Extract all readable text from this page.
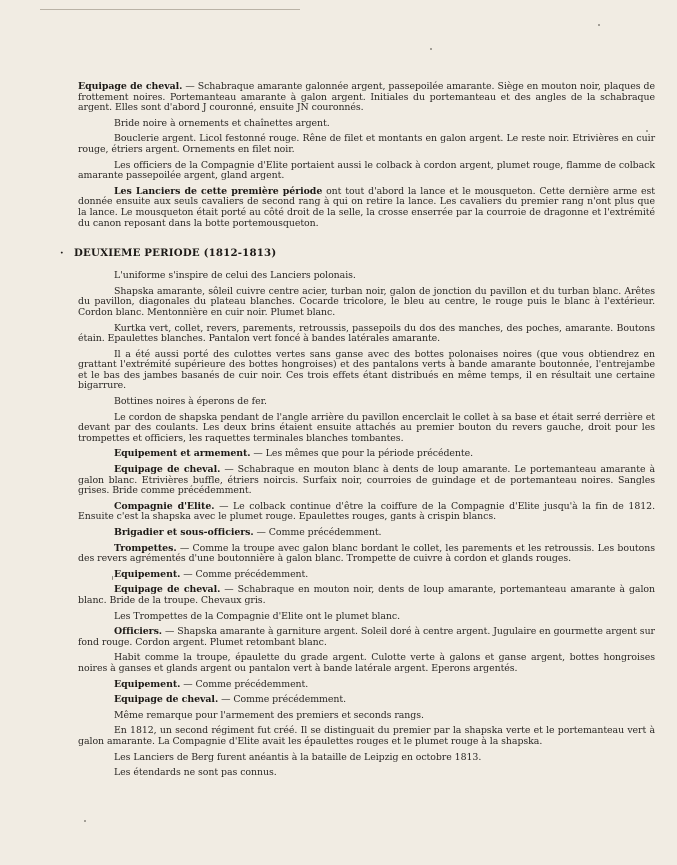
Equipage de cheval. — Schabraque amarante galonnée argent, passepoilée amarante. Siège en mouton noir, plaques de frottement noires. Portemanteau amarante à galon argent. Initiales du portemanteau et des angles de la schabraque argent. Elles sont d'abord J couronné, ensuite JN couronnés.

Bride noire à ornements et chaînettes argent.

Bouclerie argent. Licol festonné rouge. Rêne de filet et montants en galon argent. Le reste noir. Etrivières en cuir rouge, étriers argent. Ornements en filet noir.

Les officiers de la Compagnie d'Elite portaient aussi le colback à cordon argent, plumet rouge, flamme de colback amarante passepoilée argent, gland argent.

Les Lanciers de cette première période ont tout d'abord la lance et le mousqueton. Cette dernière arme est donnée ensuite aux seuls cavaliers de second rang à qui on retire la lance. Les cavaliers du premier rang n'ont plus que la lance. Le mousqueton était porté au côté droit de la selle, la crosse enserrée par la courroie de dragonne et l'extrémité du canon reposant dans la botte portemousqueton.

· DEUXIEME PERIODE (1812-1813)

L'uniforme s'inspire de celui des Lanciers polonais.

Shapska amarante, sôleil cuivre centre acier, turban noir, galon de jonction du pavillon et du turban blanc. Arêtes du pavillon, diagonales du plateau blanches. Cocarde tricolore, le bleu au centre, le rouge puis le blanc à l'extérieur. Cordon blanc. Mentonnière en cuir noir. Plumet blanc.

Kurtka vert, collet, revers, parements, retroussis, passepoils du dos des manches, des poches, amarante. Boutons étain. Epaulettes blanches. Pantalon vert foncé à bandes latérales amarante.

Il a été aussi porté des culottes vertes sans ganse avec des bottes polonaises noires (que vous obtiendrez en grattant l'extrémité supérieure des bottes hongroises) et des pantalons verts à bande amarante boutonnée, l'entrejambe et le bas des jambes basanés de cuir noir. Ces trois effets étant distribués en même temps, il en résultait une certaine bigarrure.

Bottines noires à éperons de fer.

Le cordon de shapska pendant de l'angle arrière du pavillon encerclait le collet à sa base et était serré derrière et devant par des coulants. Les deux brins étaient ensuite attachés au premier bouton du revers gauche, droit pour les trompettes et officiers, les raquettes terminales blanches tombantes.

Equipement et armement. — Les mêmes que pour la période précédente.

Equipage de cheval. — Schabraque en mouton blanc à dents de loup amarante. Le portemanteau amarante à galon blanc. Etrivières buffle, étriers noircis. Surfaix noir, courroies de guindage et de portemanteau noires. Sangles grises. Bride comme précédemment.

Compagnie d'Elite. — Le colback continue d'être la coiffure de la Compagnie d'Elite jusqu'à la fin de 1812. Ensuite c'est la shapska avec le plumet rouge. Epaulettes rouges, gants à crispin blancs.

Brigadier et sous-officiers. — Comme précédemment.

Trompettes. — Comme la troupe avec galon blanc bordant le collet, les parements et les retroussis. Les boutons des revers agrémentés d'une boutonnière à galon blanc. Trompette de cuivre à cordon et glands rouges.

Equipement. — Comme précédemment.

Equipage de cheval. — Schabraque en mouton noir, dents de loup amarante, portemanteau amarante à galon blanc. Bride de la troupe. Chevaux gris.

Les Trompettes de la Compagnie d'Elite ont le plumet blanc.

Officiers. — Shapska amarante à garniture argent. Soleil doré à centre argent. Jugulaire en gourmette argent sur fond rouge. Cordon argent. Plumet retombant blanc.

Habit comme la troupe, épaulette du grade argent. Culotte verte à galons et ganse argent, bottes hongroises noires à ganses et glands argent ou pantalon vert à bande latérale argent. Eperons argentés.

Equipement. — Comme précédemment.

Equipage de cheval. — Comme précédemment.

Même remarque pour l'armement des premiers et seconds rangs.

En 1812, un second régiment fut créé. Il se distinguait du premier par la shapska verte et le portemanteau vert à galon amarante. La Compagnie d'Elite avait les épaulettes rouges et le plumet rouge à la shapska.

Les Lanciers de Berg furent anéantis à la bataille de Leipzig en octobre 1813.

Les étendards ne sont pas connus.
